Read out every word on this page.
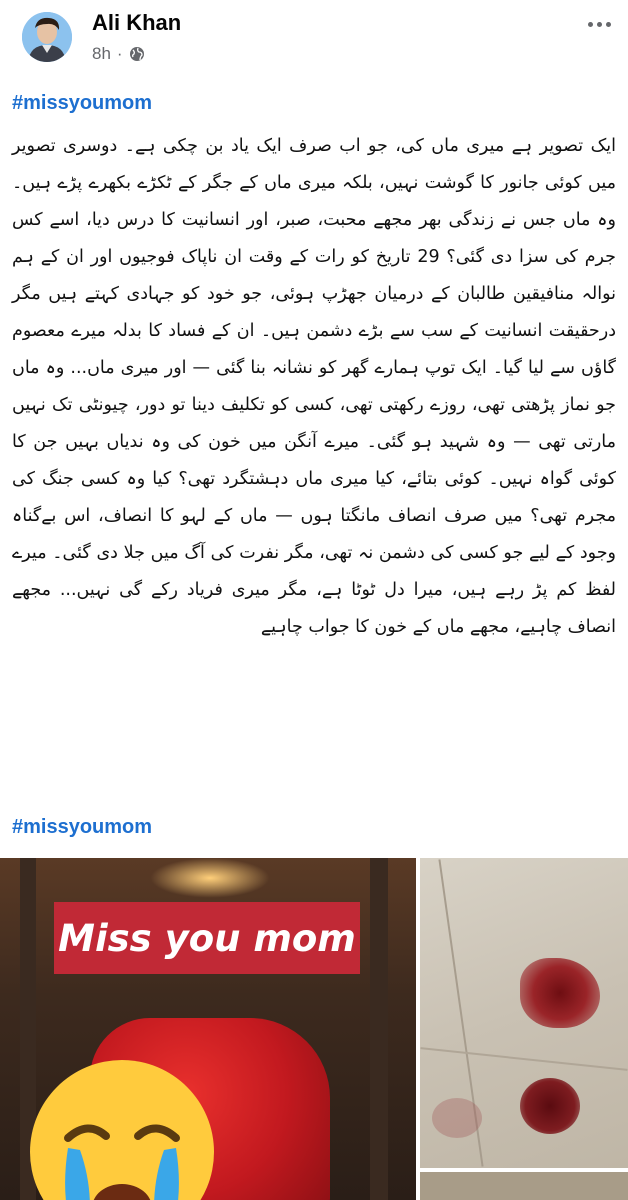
Ali Khan
8h ·
#missyoumom
ایک تصویر ہے میری ماں کی، جو اب صرف ایک یاد بن چکی ہے۔ دوسری تصویر میں کوئی جانور کا گوشت نہیں، بلکہ میری ماں کے جگر کے ٹکڑے بکھرے پڑے ہیں۔ وہ ماں جس نے زندگی بھر مجھے محبت، صبر، اور انسانیت کا درس دیا، اسے کس جرم کی سزا دی گئی؟ 29 تاریخ کو رات کے وقت ان ناپاک فوجیوں اور ان کے ہم نوالہ منافیقین طالبان کے درمیان جھڑپ ہوئی، جو خود کو جہادی کہتے ہیں مگر درحقیقت انسانیت کے سب سے بڑے دشمن ہیں۔ ان کے فساد کا بدلہ میرے معصوم گاؤں سے لیا گیا۔ ایک توپ ہمارے گھر کو نشانہ بنا گئی — اور میری ماں... وہ ماں جو نماز پڑھتی تھی، روزے رکھتی تھی، کسی کو تکلیف دینا تو دور، چیونٹی تک نہیں مارتی تھی — وہ شہید ہو گئی۔ میرے آنگن میں خون کی وہ ندیاں بہیں جن کا کوئی گواہ نہیں۔ کوئی بتائے، کیا میری ماں دہشتگرد تھی؟ کیا وہ کسی جنگ کی مجرم تھی؟ میں صرف انصاف مانگتا ہوں — ماں کے لہو کا انصاف، اس بےگناہ وجود کے لیے جو کسی کی دشمن نہ تھی، مگر نفرت کی آگ میں جلا دی گئی۔ میرے لفظ کم پڑ رہے ہیں، میرا دل ٹوٹا ہے، مگر میری فریاد رکے گی نہیں... مجھے انصاف چاہیے، مجھے ماں کے خون کا جواب چاہیے
#missyoumom
Miss you mom
